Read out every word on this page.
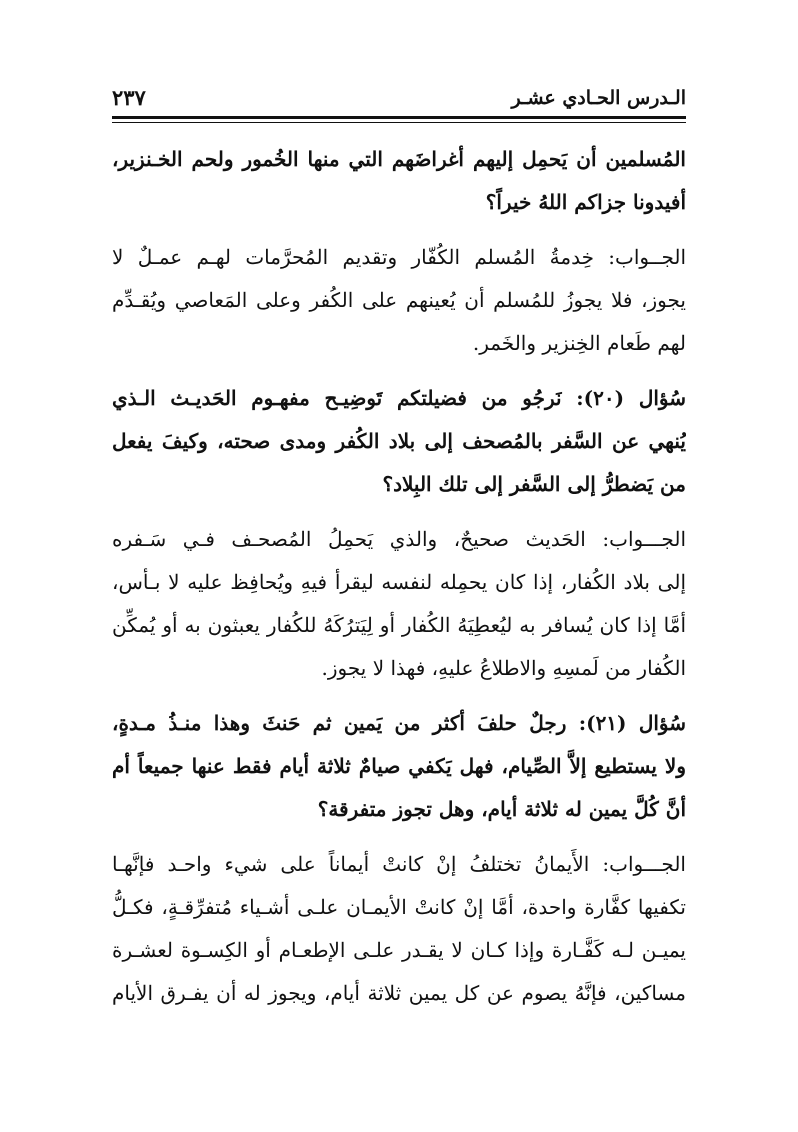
الـدرس الحـادي عشـر
٢٣٧
المُسلمين أن يَحمِل إليهم أغراضَهم التي منها الخُمور ولحم الخـنزير،
أفيدونا جزاكم اللهُ خيراً؟
الجــواب: خِدمةُ المُسلم الكُفّار وتقديم المُحرَّمات لهـم عمـلٌ لا
يجوز، فلا يجوزُ للمُسلم أن يُعينهم على الكُفر وعلى المَعاصي ويُقـدِّم
لهم طَعام الخِنزير والخَمر.
سُؤال (٢٠): نَرجُو من فضيلتكم تَوضِيـح مفهـوم الحَديـث الـذي
يُنهي عن السَّفر بالمُصحف إلى بلاد الكُفر ومدى صحته، وكيفَ يفعل
من يَضطرُّ إلى السَّفر إلى تلك البِلاد؟
الجـــواب: الحَديث صحيحٌ، والذي يَحمِلُ المُصحـف فـي سَـفره
إلى بلاد الكُفار، إذا كان يحمِله لنفسه ليقرأ فيهِ ويُحافِظ عليه لا بـأس،
أمَّا إذا كان يُسافر به ليُعطِيَهُ الكُفار أو لِيَترُكَهُ للكُفار يعبثون به أو يُمكِّن
الكُفار من لَمسِهِ والاطلاعُ عليهِ، فهذا لا يجوز.
سُؤال (٢١): رجلٌ حلفَ أكثر من يَمين ثم حَنثَ وهذا منـذُ مـدةٍ،
ولا يستطيع إلاَّ الصِّيام، فهل يَكفي صيامٌ ثلاثة أيام فقط عنها جميعاً أم
أنَّ كُلَّ يمين له ثلاثة أيام، وهل تجوز متفرقة؟
الجـــواب: الأَيمانُ تختلفُ إنْ كانتْ أيماناً على شيء واحـد فإنَّهـا
تكفيها كفَّارة واحدة، أمَّا إنْ كانتْ الأيمـان علـى أشـياء مُتفرِّقـةٍ، فكـلُّ
يميـن لـه كَفَّـارة وإذا كـان لا يقـدر علـى الإطعـام أو الكِسـوة لعشـرة
مساكين، فإنَّهُ يصوم عن كل يمين ثلاثة أيام، ويجوز له أن يفـرق الأيام
